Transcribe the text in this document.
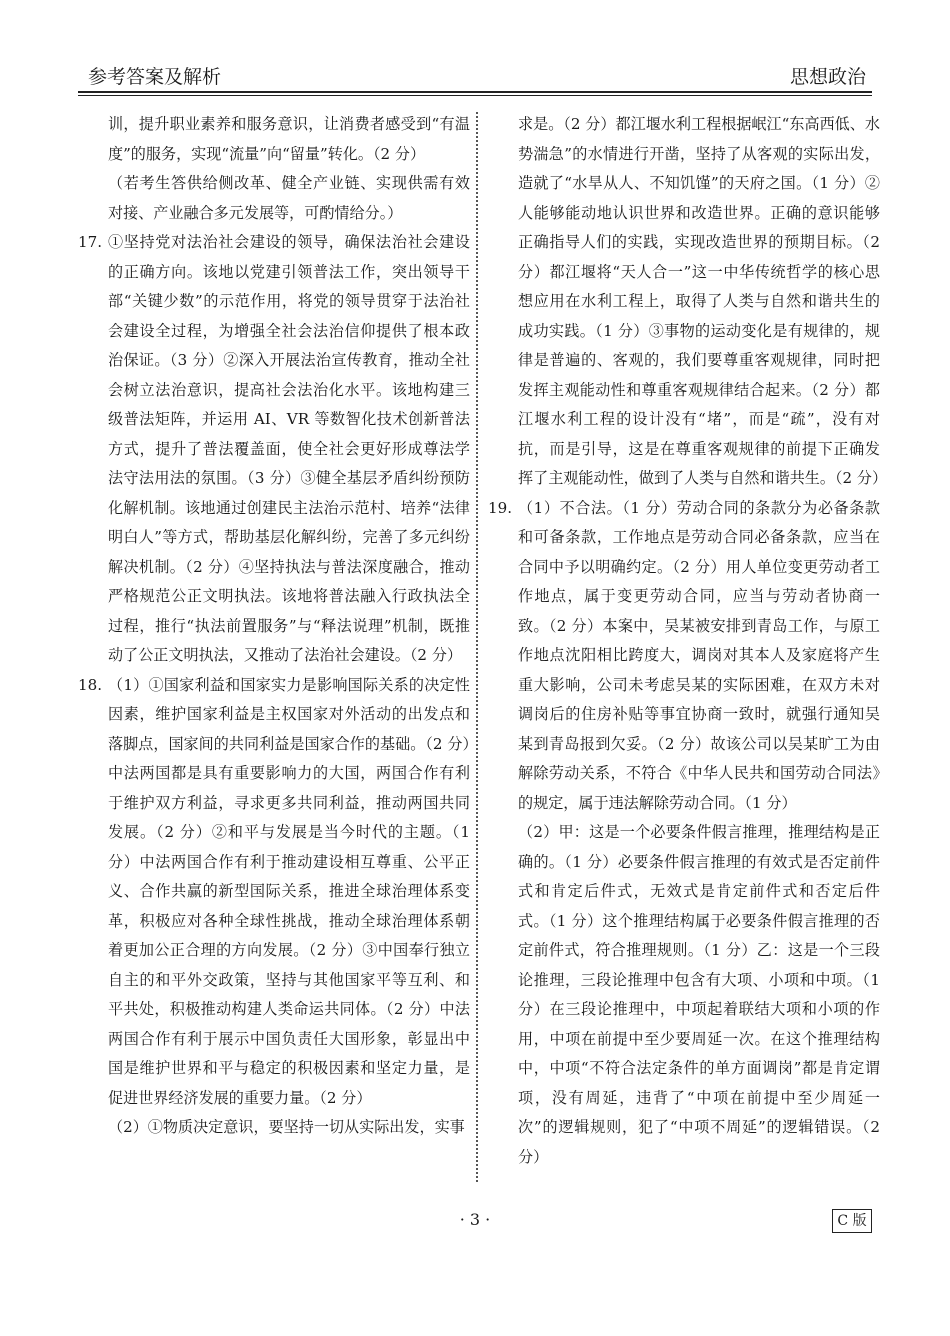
参考答案及解析	思想政治

训，提升职业素养和服务意识，让消费者感受到“有温度”的服务，实现“流量”向“留量”转化。（2 分）

（若考生答供给侧改革、健全产业链、实现供需有效对接、产业融合多元发展等，可酌情给分。）

17. ①坚持党对法治社会建设的领导，确保法治社会建设的正确方向。该地以党建引领普法工作，突出领导干部“关键少数”的示范作用，将党的领导贯穿于法治社会建设全过程，为增强全社会法治信仰提供了根本政治保证。（3 分）②深入开展法治宣传教育，推动全社会树立法治意识，提高社会法治化水平。该地构建三级普法矩阵，并运用 AI、VR 等数智化技术创新普法方式，提升了普法覆盖面，使全社会更好形成尊法学法守法用法的氛围。（3 分）③健全基层矛盾纠纷预防化解机制。该地通过创建民主法治示范村、培养“法律明白人”等方式，帮助基层化解纠纷，完善了多元纠纷解决机制。（2 分）④坚持执法与普法深度融合，推动严格规范公正文明执法。该地将普法融入行政执法全过程，推行“执法前置服务”与“释法说理”机制，既推动了公正文明执法，又推动了法治社会建设。（2 分）

18. （1）①国家利益和国家实力是影响国际关系的决定性因素，维护国家利益是主权国家对外活动的出发点和落脚点，国家间的共同利益是国家合作的基础。（2 分）中法两国都是具有重要影响力的大国，两国合作有利于维护双方利益，寻求更多共同利益，推动两国共同发展。（2 分）②和平与发展是当今时代的主题。（1 分）中法两国合作有利于推动建设相互尊重、公平正义、合作共赢的新型国际关系，推进全球治理体系变革，积极应对各种全球性挑战，推动全球治理体系朝着更加公正合理的方向发展。（2 分）③中国奉行独立自主的和平外交政策，坚持与其他国家平等互利、和平共处，积极推动构建人类命运共同体。（2 分）中法两国合作有利于展示中国负责任大国形象，彰显出中国是维护世界和平与稳定的积极因素和坚定力量，是促进世界经济发展的重要力量。（2 分）

（2）①物质决定意识，要坚持一切从实际出发，实事

求是。（2 分）都江堰水利工程根据岷江“东高西低、水势湍急”的水情进行开凿，坚持了从客观的实际出发，造就了“水旱从人、不知饥馑”的天府之国。（1 分）②人能够能动地认识世界和改造世界。正确的意识能够正确指导人们的实践，实现改造世界的预期目标。（2 分）都江堰将“天人合一”这一中华传统哲学的核心思想应用在水利工程上，取得了人类与自然和谐共生的成功实践。（1 分）③事物的运动变化是有规律的，规律是普遍的、客观的，我们要尊重客观规律，同时把发挥主观能动性和尊重客观规律结合起来。（2 分）都江堰水利工程的设计没有“堵”，而是“疏”，没有对抗，而是引导，这是在尊重客观规律的前提下正确发挥了主观能动性，做到了人类与自然和谐共生。（2 分）

19. （1）不合法。（1 分）劳动合同的条款分为必备条款和可备条款，工作地点是劳动合同必备条款，应当在合同中予以明确约定。（2 分）用人单位变更劳动者工作地点，属于变更劳动合同，应当与劳动者协商一致。（2 分）本案中，吴某被安排到青岛工作，与原工作地点沈阳相比跨度大，调岗对其本人及家庭将产生重大影响，公司未考虑吴某的实际困难，在双方未对调岗后的住房补贴等事宜协商一致时，就强行通知吴某到青岛报到欠妥。（2 分）故该公司以吴某旷工为由解除劳动关系，不符合《中华人民共和国劳动合同法》的规定，属于违法解除劳动合同。（1 分）

（2）甲：这是一个必要条件假言推理，推理结构是正确的。（1 分）必要条件假言推理的有效式是否定前件式和肯定后件式，无效式是肯定前件式和否定后件式。（1 分）这个推理结构属于必要条件假言推理的否定前件式，符合推理规则。（1 分）乙：这是一个三段论推理，三段论推理中包含有大项、小项和中项。（1 分）在三段论推理中，中项起着联结大项和小项的作用，中项在前提中至少要周延一次。在这个推理结构中，中项“不符合法定条件的单方面调岗”都是肯定谓项，没有周延，违背了“中项在前提中至少周延一次”的逻辑规则，犯了“中项不周延”的逻辑错误。（2 分）

· 3 ·	C 版
